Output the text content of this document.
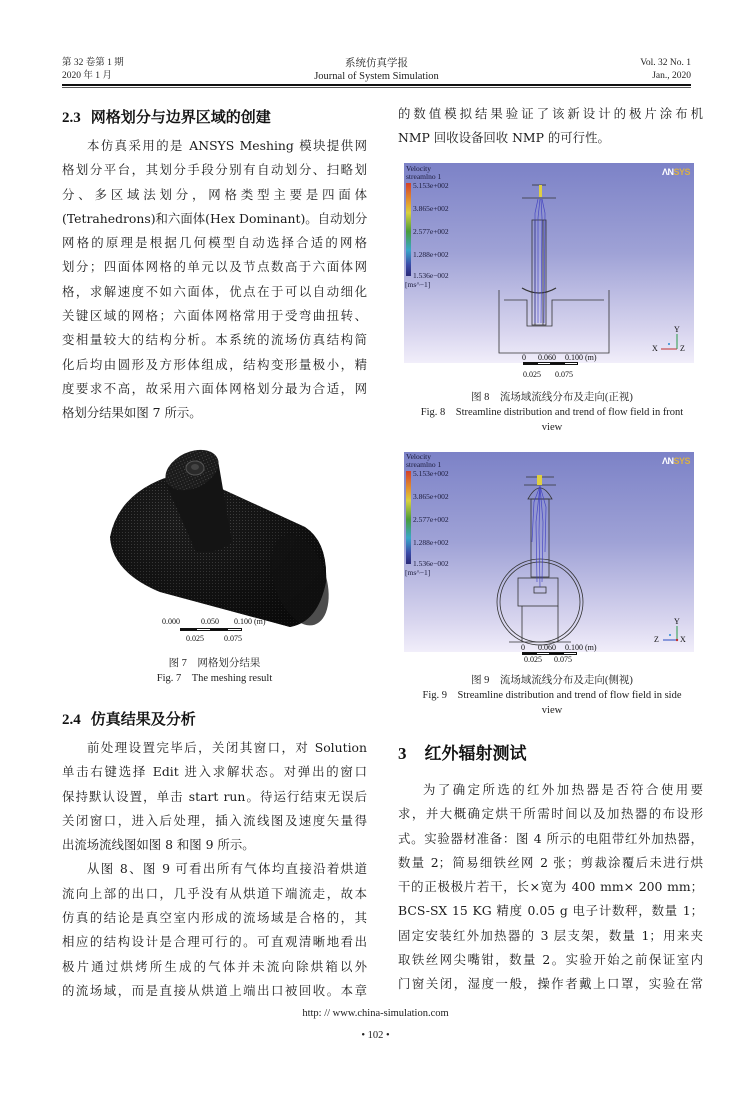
第 32 卷第 1 期
2020 年 1 月
系统仿真学报
Journal of System Simulation
Vol. 32 No. 1
Jan., 2020
2.3 网格划分与边界区域的创建
本仿真采用的是 ANSYS Meshing 模块提供网
格划分平台，其划分手段分别有自动划分、扫略划
分、多区域法划分，网格类型主要是四面体
(Tetrahedrons)和六面体(Hex Dominant)。自动划分
网格的原理是根据几何模型自动选择合适的网格
划分；四面体网格的单元以及节点数高于六面体网
格，求解速度不如六面体，优点在于可以自动细化
关键区域的网格；六面体网格常用于受弯曲扭转、
变相量较大的结构分析。本系统的流场仿真结构简
化后均由圆形及方形体组成，结构变形量极小，精
度要求不高，故采用六面体网格划分最为合适，网
格划分结果如图 7 所示。
0.000	0.050 0.100 (m)
0.025	0.075
图 7　网格划分结果
Fig. 7　The meshing result
2.4 仿真结果及分析
前处理设置完毕后，关闭其窗口，对 Solution
单击右键选择 Edit 进入求解状态。对弹出的窗口
保持默认设置，单击 start run。待运行结束无误后
关闭窗口，进入后处理，插入流线图及速度矢量得
出流场流线图如图 8 和图 9 所示。
从图 8、图 9 可看出所有气体均直接沿着烘道
流向上部的出口，几乎没有从烘道下端流走，故本
仿真的结论是真空室内形成的流场域是合格的，其
相应的结构设计是合理可行的。可直观清晰地看出
极片通过烘烤所生成的气体并未流向除烘箱以外
的流场域，而是直接从烘道上端出口被回收。本章
的数值模拟结果验证了该新设计的极片涂布机
NMP 回收设备回收 NMP 的可行性。
Velocity
streamlno 1
5.153e+002
3.865e+002
2.577e+002
1.288e+002
1.536e−002
[ms^−1]
ΛNSYS
X
Y
Z
0 0.060 0.100 (m)
0.025 0.075
图 8　流场域流线分布及走向(正视)
Fig. 8　Streamline distribution and trend of flow field in front
view
Velocity
streamlno 1
5.153e+002
3.865e+002
2.577e+002
1.288e+002
1.536e−002
[ms^−1]
ΛNSYS
Z
Y
X
0 0.060 0.100 (m)
0.025 0.075
图 9　流场域流线分布及走向(侧视)
Fig. 9　Streamline distribution and trend of flow field in side
view
3 红外辐射测试
为了确定所选的红外加热器是否符合使用要
求，并大概确定烘干所需时间以及加热器的布设形
式。实验器材准备：图 4 所示的电阻带红外加热器，
数量 2；简易细铁丝网 2 张；剪裁涂覆后未进行烘
干的正极极片若干，长×宽为 400 mm× 200 mm；
BCS-SX 15 KG 精度 0.05 g 电子计数秤，数量 1；
固定安装红外加热器的 3 层支架，数量 1；用来夹
取铁丝网尖嘴钳，数量 2。实验开始之前保证室内
门窗关闭，湿度一般，操作者戴上口罩，实验在常
http: // www.china-simulation.com
• 102 •
